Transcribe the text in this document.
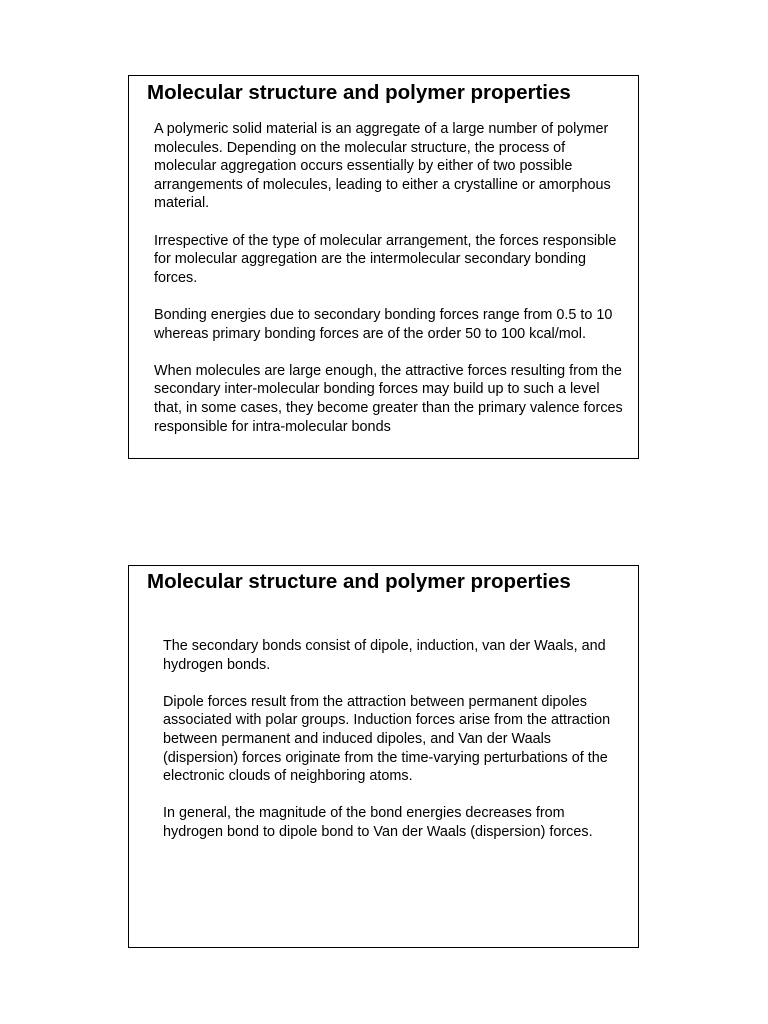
Molecular structure and polymer properties

A polymeric solid material is an aggregate of a large number of polymer molecules. Depending on the molecular structure, the process of molecular aggregation occurs essentially by either of two possible arrangements of molecules, leading to either a crystalline or amorphous material.

Irrespective of the type of molecular arrangement, the forces responsible for molecular aggregation are the intermolecular secondary bonding forces.

Bonding energies due to secondary bonding forces range from 0.5 to 10 whereas primary bonding forces are of the order 50 to 100 kcal/mol.

When molecules are large enough, the attractive forces resulting from the secondary inter-molecular bonding forces may build up to such a level that, in some cases, they become greater than the primary valence forces responsible for intra-molecular bonds

Molecular structure and polymer properties

The secondary bonds consist of dipole, induction, van der Waals, and hydrogen bonds.

Dipole forces result from the attraction between permanent dipoles associated with polar groups. Induction forces arise from the attraction between permanent and induced dipoles, and Van der Waals (dispersion) forces originate from the time-varying perturbations of the electronic clouds of neighboring atoms.

In general, the magnitude of the bond energies decreases from hydrogen bond to dipole bond to Van der Waals (dispersion) forces.
